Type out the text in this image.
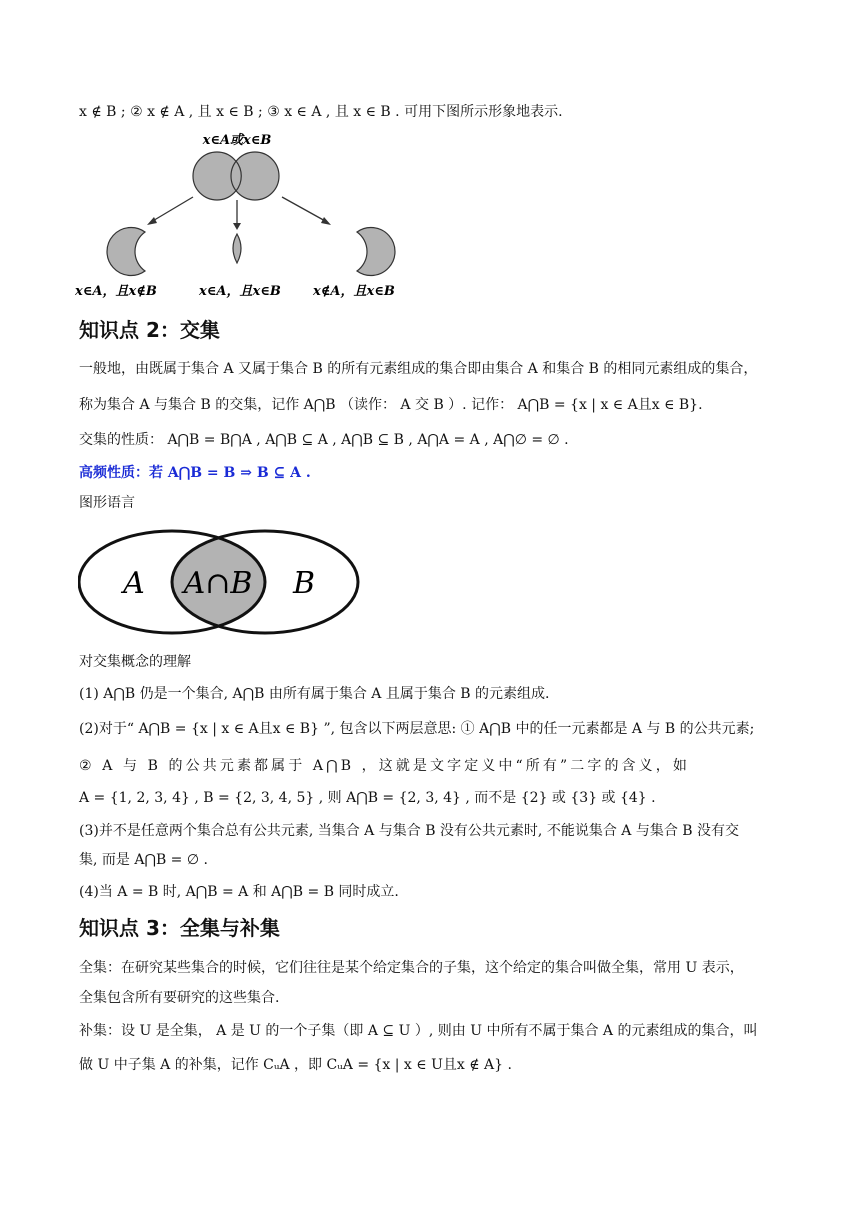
x ∉ B ; ② x ∉ A , 且 x ∈ B ; ③ x ∈ A , 且 x ∈ B . 可用下图所示形象地表示.
x∈A或x∈B
x∈A，且x∉B	x∈A，且x∈B x∉A，且x∈B
知识点 2：交集
一般地，由既属于集合 A 又属于集合 B 的所有元素组成的集合即由集合 A 和集合 B 的相同元素组成的集合，
称为集合 A 与集合 B 的交集，记作 A⋂B （读作： A 交 B ）. 记作： A⋂B = {x | x ∈ A且x ∈ B}.
交集的性质： A⋂B = B⋂A , A⋂B ⊆ A , A⋂B ⊆ B , A⋂A = A , A⋂∅ = ∅ .
高频性质：若 A⋂B = B ⇒ B ⊆ A .
图形语言
A A∩B B
对交集概念的理解
(1) A⋂B 仍是一个集合, A⋂B 由所有属于集合 A 且属于集合 B 的元素组成.
(2)对于“ A⋂B = {x | x ∈ A且x ∈ B} ”, 包含以下两层意思: ① A⋂B 中的任一元素都是 A 与 B 的公共元素;
② A 与 B 的公共元素都属于 A⋂B ，这就是文字定义中“所有”二字的含义，如
A = {1, 2, 3, 4} , B = {2, 3, 4, 5} , 则 A⋂B = {2, 3, 4} , 而不是 {2} 或 {3} 或 {4} .
(3)并不是任意两个集合总有公共元素, 当集合 A 与集合 B 没有公共元素时, 不能说集合 A 与集合 B 没有交
集, 而是 A⋂B = ∅ .
(4)当 A = B 时, A⋂B = A 和 A⋂B = B 同时成立.
知识点 3：全集与补集
全集：在研究某些集合的时候，它们往往是某个给定集合的子集，这个给定的集合叫做全集，常用 U 表示，
全集包含所有要研究的这些集合.
补集：设 U 是全集， A 是 U 的一个子集（即 A ⊆ U ）, 则由 U 中所有不属于集合 A 的元素组成的集合，叫
做 U 中子集 A 的补集，记作 CᵤA ，即 CᵤA = {x | x ∈ U且x ∉ A} .
